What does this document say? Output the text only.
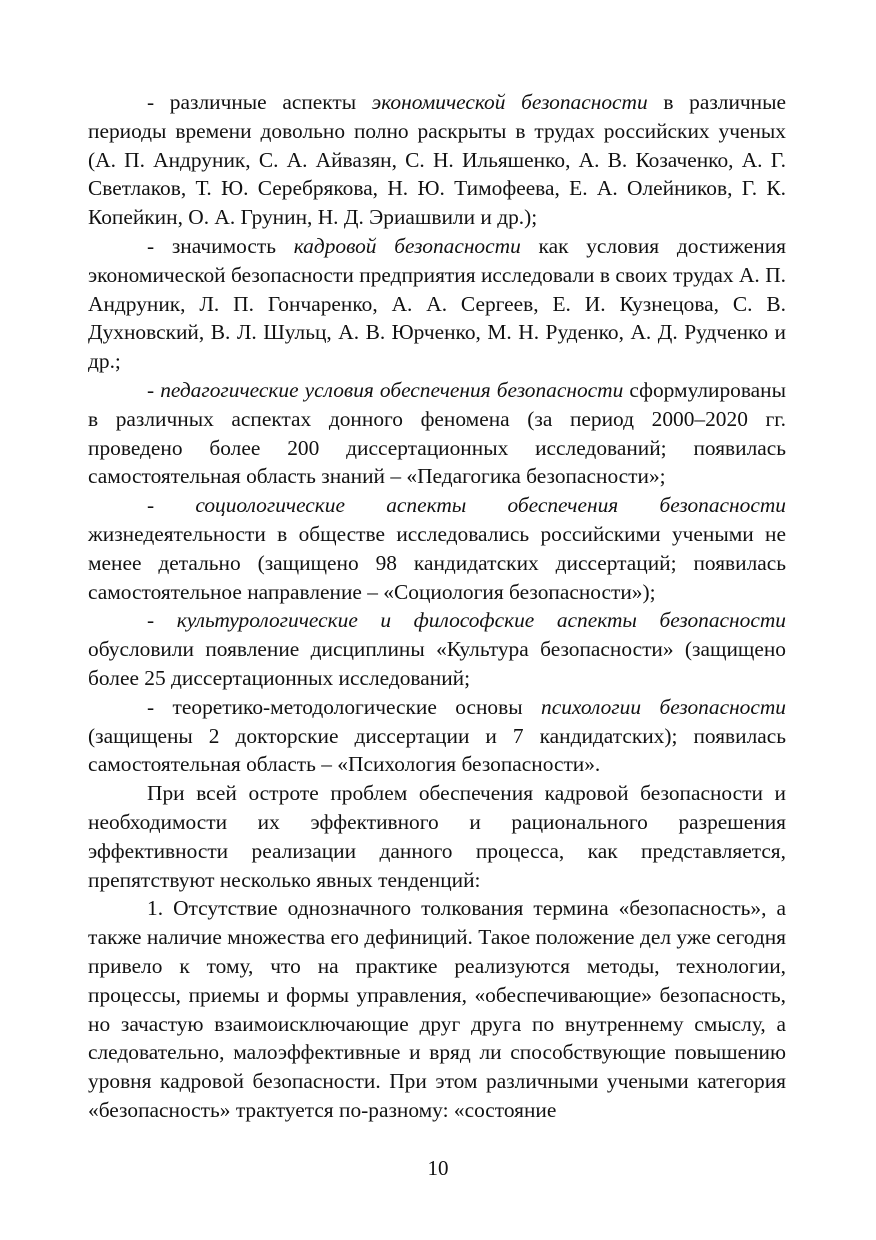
- различные аспекты экономической безопасности в различные периоды времени довольно полно раскрыты в трудах российских ученых (А. П. Андруник, С. А. Айвазян, С. Н. Ильяшенко, А. В. Козаченко, А. Г. Светлаков, Т. Ю. Серебрякова, Н. Ю. Тимофеева, Е. А. Олейников, Г. К. Копейкин, О. А. Грунин, Н. Д. Эриашвили и др.);

- значимость кадровой безопасности как условия достижения экономической безопасности предприятия исследовали в своих трудах А. П. Андруник, Л. П. Гончаренко, А. А. Сергеев, Е. И. Кузнецова, С. В. Духновский, В. Л. Шульц, А. В. Юрченко, М. Н. Руденко, А. Д. Рудченко и др.;

- педагогические условия обеспечения безопасности сформулированы в различных аспектах донного феномена (за период 2000–2020 гг. проведено более 200 диссертационных исследований; появилась самостоятельная область знаний – «Педагогика безопасности»;

- социологические аспекты обеспечения безопасности жизнедеятельности в обществе исследовались российскими учеными не менее детально (защищено 98 кандидатских диссертаций; появилась самостоятельное направление – «Социология безопасности»);

- культурологические и философские аспекты безопасности обусловили появление дисциплины «Культура безопасности» (защищено более 25 диссертационных исследований;

- теоретико-методологические основы психологии безопасности (защищены 2 докторские диссертации и 7 кандидатских); появилась самостоятельная область – «Психология безопасности».

При всей остроте проблем обеспечения кадровой безопасности и необходимости их эффективного и рационального разрешения эффективности реализации данного процесса, как представляется, препятствуют несколько явных тенденций:

1. Отсутствие однозначного толкования термина «безопасность», а также наличие множества его дефиниций. Такое положение дел уже сегодня привело к тому, что на практике реализуются методы, технологии, процессы, приемы и формы управления, «обеспечивающие» безопасность, но зачастую взаимоисключающие друг друга по внутреннему смыслу, а следовательно, малоэффективные и вряд ли способствующие повышению уровня кадровой безопасности. При этом различными учеными категория «безопасность» трактуется по-разному: «состояние

10
